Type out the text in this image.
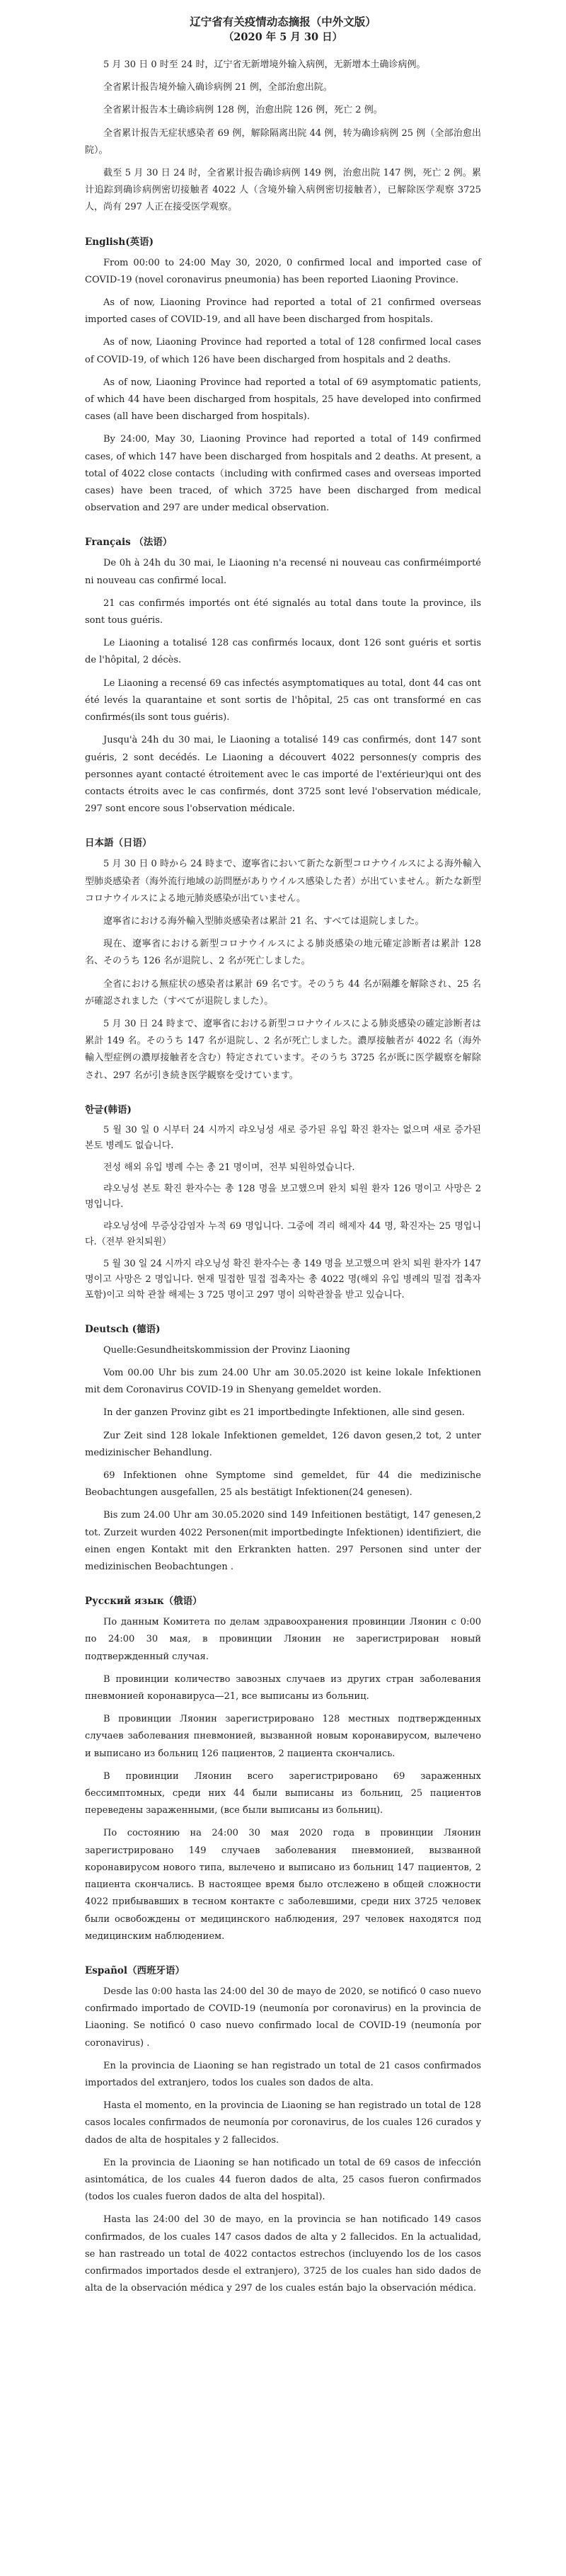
辽宁省有关疫情动态摘报（中外文版）

（2020 年 5 月 30 日）

5 月 30 日 0 时至 24 时，辽宁省无新增境外输入病例，无新增本土确诊病例。

全省累计报告境外输入确诊病例 21 例，全部治愈出院。

全省累计报告本土确诊病例 128 例，治愈出院 126 例，死亡 2 例。

全省累计报告无症状感染者 69 例，解除隔离出院 44 例，转为确诊病例 25 例（全部治愈出院）。

截至 5 月 30 日 24 时，全省累计报告确诊病例 149 例，治愈出院 147 例，死亡 2 例。累计追踪到确诊病例密切接触者 4022 人（含境外输入病例密切接触者），已解除医学观察 3725 人，尚有 297 人正在接受医学观察。

English(英语)

From 00:00 to 24:00 May 30, 2020, 0 confirmed local and imported case of COVID-19 (novel coronavirus pneumonia) has been reported Liaoning Province.

As of now, Liaoning Province had reported a total of 21 confirmed overseas imported cases of COVID-19, and all have been discharged from hospitals.

As of now, Liaoning Province had reported a total of 128 confirmed local cases of COVID-19, of which 126 have been discharged from hospitals and 2 deaths.

As of now, Liaoning Province had reported a total of 69 asymptomatic patients, of which 44 have been discharged from hospitals, 25 have developed into confirmed cases (all have been discharged from hospitals).

By 24:00, May 30, Liaoning Province had reported a total of 149 confirmed cases, of which 147 have been discharged from hospitals and 2 deaths. At present, a total of 4022 close contacts（including with confirmed cases and overseas imported cases) have been traced, of which 3725 have been discharged from medical observation and 297 are under medical observation.

Français （法语）

De 0h à 24h du 30 mai, le Liaoning n'a recensé ni nouveau cas confirméimporté ni nouveau cas confirmé local.

21 cas confirmés importés ont été signalés au total dans toute la province, ils sont tous guéris.

Le Liaoning a totalisé 128 cas confirmés locaux, dont 126 sont guéris et sortis de l'hôpital, 2 décès.

Le Liaoning a recensé 69 cas infectés asymptomatiques au total, dont 44 cas ont été levés la quarantaine et sont sortis de l'hôpital, 25 cas ont transformé en cas confirmés(ils sont tous guéris).

Jusqu'à 24h du 30 mai, le Liaoning a totalisé 149 cas confirmés, dont 147 sont guéris, 2 sont decédés. Le Liaoning a découvert 4022 personnes(y compris des personnes ayant contacté étroitement avec le cas importé de l'extérieur)qui ont des contacts étroits avec le cas confirmés, dont 3725 sont levé l'observation médicale, 297 sont encore sous l'observation médicale.

日本語（日语）

5 月 30 日 0 時から 24 時まで、遼寧省において新たな新型コロナウイルスによる海外輸入型肺炎感染者（海外流行地域の訪問歴がありウイルス感染した者）が出ていません。新たな新型コロナウイルスによる地元肺炎感染が出ていません。

遼寧省における海外輸入型肺炎感染者は累計 21 名、すべては退院しました。

現在、遼寧省における新型コロナウイルスによる肺炎感染の地元確定診断者は累計 128 名、そのうち 126 名が退院し、2 名が死亡しました。

全省における無症状の感染者は累計 69 名です。そのうち 44 名が隔離を解除され、25 名が確認されました（すべてが退院しました）。

5 月 30 日 24 時まで、遼寧省における新型コロナウイルスによる肺炎感染の確定診断者は累計 149 名。そのうち 147 名が退院し、2 名が死亡しました。濃厚接触者が 4022 名（海外輸入型症例の濃厚接触者を含む）特定されています。そのうち 3725 名が既に医学観察を解除され、297 名が引き続き医学観察を受けています。

한글(韩语)

5 월 30 일 0 시부터 24 시까지 랴오닝성 새로 증가된 유입 확진 환자는 없으며 새로 증가된 본토 병례도 없습니다.

전성 해외 유입 병례 수는 총 21 명이며，전부 퇴원하였습니다.

랴오닝성 본토 확진 환자수는 총 128 명을 보고했으며 완치 퇴원 환자 126 명이고 사망은 2 명입니다.

랴오닝성에 무증상감염자 누적 69 명입니다. 그중에 격리 해제자 44 명, 확진자는 25 명입니다.（전부 완치퇴원）

5 월 30 일 24 시까지 랴오닝성 확진 환자수는 총 149 명을 보고했으며 완치 퇴원 환자가 147 명이고 사망은 2 명입니다. 현재 밀접한 밀접 접촉자는 총 4022 명(해외 유입 병례의 밀접 접촉자 포함)이고 의학 관찰 해제는 3 725 명이고 297 명이 의학관찰을 받고 있습니다.

Deutsch (德语)

Quelle:Gesundheitskommission der Provinz Liaoning

Vom 00.00 Uhr bis zum 24.00 Uhr am 30.05.2020 ist keine lokale Infektionen mit dem Coronavirus COVID-19 in Shenyang gemeldet worden.

In der ganzen Provinz gibt es 21 importbedingte Infektionen, alle sind gesen.

Zur Zeit sind 128 lokale Infektionen gemeldet, 126 davon gesen,2 tot, 2 unter medizinischer Behandlung.

69 Infektionen ohne Symptome sind gemeldet, für 44 die medizinische Beobachtungen ausgefallen, 25 als bestätigt Infektionen(24 genesen).

Bis zum 24.00 Uhr am 30.05.2020 sind 149 Infeitionen bestätigt, 147 genesen,2 tot. Zurzeit wurden 4022 Personen(mit importbedingte Infektionen) identifiziert, die einen engen Kontakt mit den Erkrankten hatten. 297 Personen sind unter der medizinischen Beobachtungen .

Русский язык（俄语）

По данным Комитета по делам здравоохранения провинции Ляонин с 0:00 по 24:00 30 мая, в провинции Ляонин не зарегистрирован новый подтвержденный случая.

В провинции количество завозных случаев из других стран заболевания пневмонией коронавируса—21, все выписаны из больниц.

В провинции Ляонин зарегистрировано 128 местных подтвержденных случаев заболевания пневмонией, вызванной новым коронавирусом, вылечено и выписано из больниц 126 пациентов, 2 пациента скончались.

В провинции Ляонин всего зарегистрировано 69 зараженных бессимптомных, среди них 44 были выписаны из больниц, 25 пациентов переведены зараженными, (все были выписаны из больниц).

По состоянию на 24:00 30 мая 2020 года в провинции Ляонин зарегистрировано 149 случаев заболевания пневмонией, вызванной коронавирусом нового типа, вылечено и выписано из больниц 147 пациентов, 2 пациента скончались. В настоящее время было отслежено в общей сложности 4022 прибывавших в тесном контакте с заболевшими, среди них 3725 человек были освобождены от медицинского наблюдения, 297 человек находятся под медицинским наблюдением.

Español（西班牙语）

Desde las 0:00 hasta las 24:00 del 30 de mayo de 2020, se notificó 0 caso nuevo confirmado importado de COVID-19 (neumonía por coronavirus) en la provincia de Liaoning. Se notificó 0 caso nuevo confirmado local de COVID-19 (neumonía por coronavirus) .

En la provincia de Liaoning se han registrado un total de 21 casos confirmados importados del extranjero, todos los cuales son dados de alta.

Hasta el momento, en la provincia de Liaoning se han registrado un total de 128 casos locales confirmados de neumonía por coronavirus, de los cuales 126 curados y dados de alta de hospitales y 2 fallecidos.

En la provincia de Liaoning se han notificado un total de 69 casos de infección asintomática, de los cuales 44 fueron dados de alta, 25 casos fueron confirmados (todos los cuales fueron dados de alta del hospital).

Hasta las 24:00 del 30 de mayo, en la provincia se han notificado 149 casos confirmados, de los cuales 147 casos dados de alta y 2 fallecidos. En la actualidad, se han rastreado un total de 4022 contactos estrechos (incluyendo los de los casos confirmados importados desde el extranjero), 3725 de los cuales han sido dados de alta de la observación médica y 297 de los cuales están bajo la observación médica.
